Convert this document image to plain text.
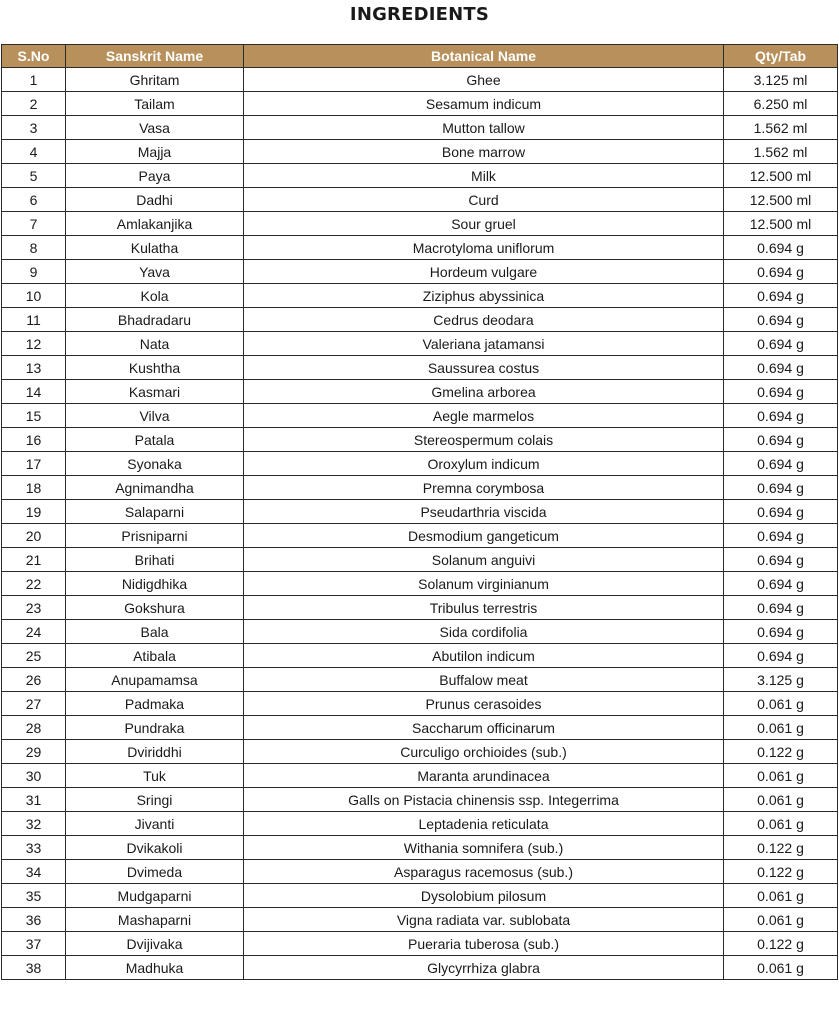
INGREDIENTS
S.No	Sanskrit Name	Botanical Name	Qty/Tab
1	Ghritam	Ghee	3.125 ml
2	Tailam	Sesamum indicum	6.250 ml
3	Vasa	Mutton tallow	1.562 ml
4	Majja	Bone marrow	1.562 ml
5	Paya	Milk	12.500 ml
6	Dadhi	Curd	12.500 ml
7	Amlakanjika	Sour gruel	12.500 ml
8	Kulatha	Macrotyloma uniflorum	0.694 g
9	Yava	Hordeum vulgare	0.694 g
10	Kola	Ziziphus abyssinica	0.694 g
11	Bhadradaru	Cedrus deodara	0.694 g
12	Nata	Valeriana jatamansi	0.694 g
13	Kushtha	Saussurea costus	0.694 g
14	Kasmari	Gmelina arborea	0.694 g
15	Vilva	Aegle marmelos	0.694 g
16	Patala	Stereospermum colais	0.694 g
17	Syonaka	Oroxylum indicum	0.694 g
18	Agnimandha	Premna corymbosa	0.694 g
19	Salaparni	Pseudarthria viscida	0.694 g
20	Prisniparni	Desmodium gangeticum	0.694 g
21	Brihati	Solanum anguivi	0.694 g
22	Nidigdhika	Solanum virginianum	0.694 g
23	Gokshura	Tribulus terrestris	0.694 g
24	Bala	Sida cordifolia	0.694 g
25	Atibala	Abutilon indicum	0.694 g
26	Anupamamsa	Buffalow meat	3.125 g
27	Padmaka	Prunus cerasoides	0.061 g
28	Pundraka	Saccharum officinarum	0.061 g
29	Dviriddhi	Curculigo orchioides (sub.)	0.122 g
30	Tuk	Maranta arundinacea	0.061 g
31	Sringi	Galls on Pistacia chinensis ssp. Integerrima	0.061 g
32	Jivanti	Leptadenia reticulata	0.061 g
33	Dvikakoli	Withania somnifera (sub.)	0.122 g
34	Dvimeda	Asparagus racemosus (sub.)	0.122 g
35	Mudgaparni	Dysolobium pilosum	0.061 g
36	Mashaparni	Vigna radiata var. sublobata	0.061 g
37	Dvijivaka	Pueraria tuberosa (sub.)	0.122 g
38	Madhuka	Glycyrrhiza glabra	0.061 g
